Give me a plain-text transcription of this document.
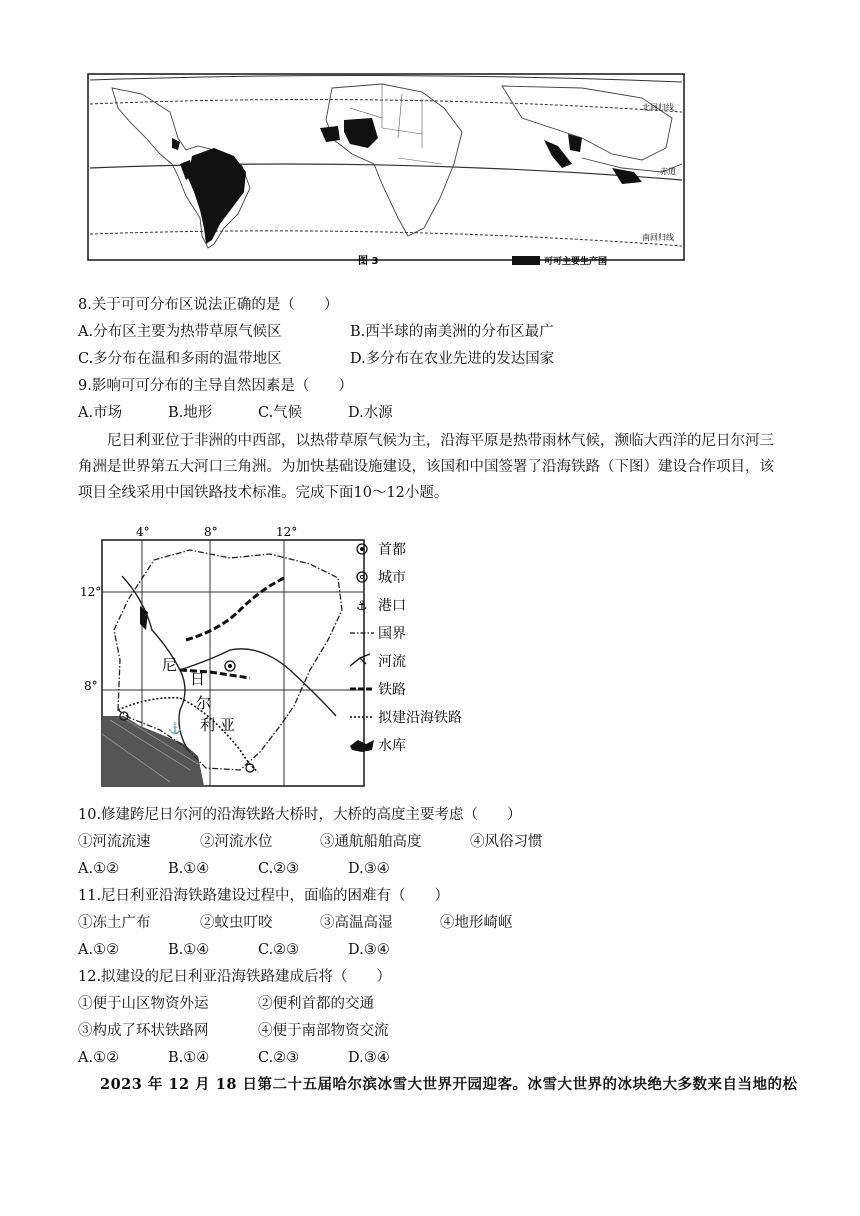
北回归线
赤道
南回归线
图 3	可可主要生产国
8.关于可可分布区说法正确的是（　　）
A.分布区主要为热带草原气候区	B.西半球的南美洲的分布区最广
C.多分布在温和多雨的温带地区	D.多分布在农业先进的发达国家
9.影响可可分布的主导自然因素是（　　）
A.市场	B.地形	C.气候	D.水源
尼日利亚位于非洲的中西部，以热带草原气候为主，沿海平原是热带雨林气候，濒临大西洋的尼日尔河三角洲是世界第五大河口三角洲。为加快基础设施建设，该国和中国签署了沿海铁路（下图）建设合作项目，该项目全线采用中国铁路技术标准。完成下面10～12小题。
4°	8°	12°
12°
8°
⚓
尼
日
尔
利 亚
首都
城市
⚓ 港口
国界
河流
铁路
拟建沿海铁路
水库
10.修建跨尼日尔河的沿海铁路大桥时，大桥的高度主要考虑（　　）
①河流流速	②河流水位	③通航船舶高度	④风俗习惯
A.①②	B.①④	C.②③	D.③④
11.尼日利亚沿海铁路建设过程中，面临的困难有（　　）
①冻土广布	②蚊虫叮咬	③高温高湿	④地形崎岖
A.①②	B.①④	C.②③	D.③④
12.拟建设的尼日利亚沿海铁路建成后将（　　）
①便于山区物资外运	②便利首都的交通
③构成了环状铁路网	④便于南部物资交流
A.①②	B.①④	C.②③	D.③④
2023 年 12 月 18 日第二十五届哈尔滨冰雪大世界开园迎客。冰雪大世界的冰块绝大多数来自当地的松
